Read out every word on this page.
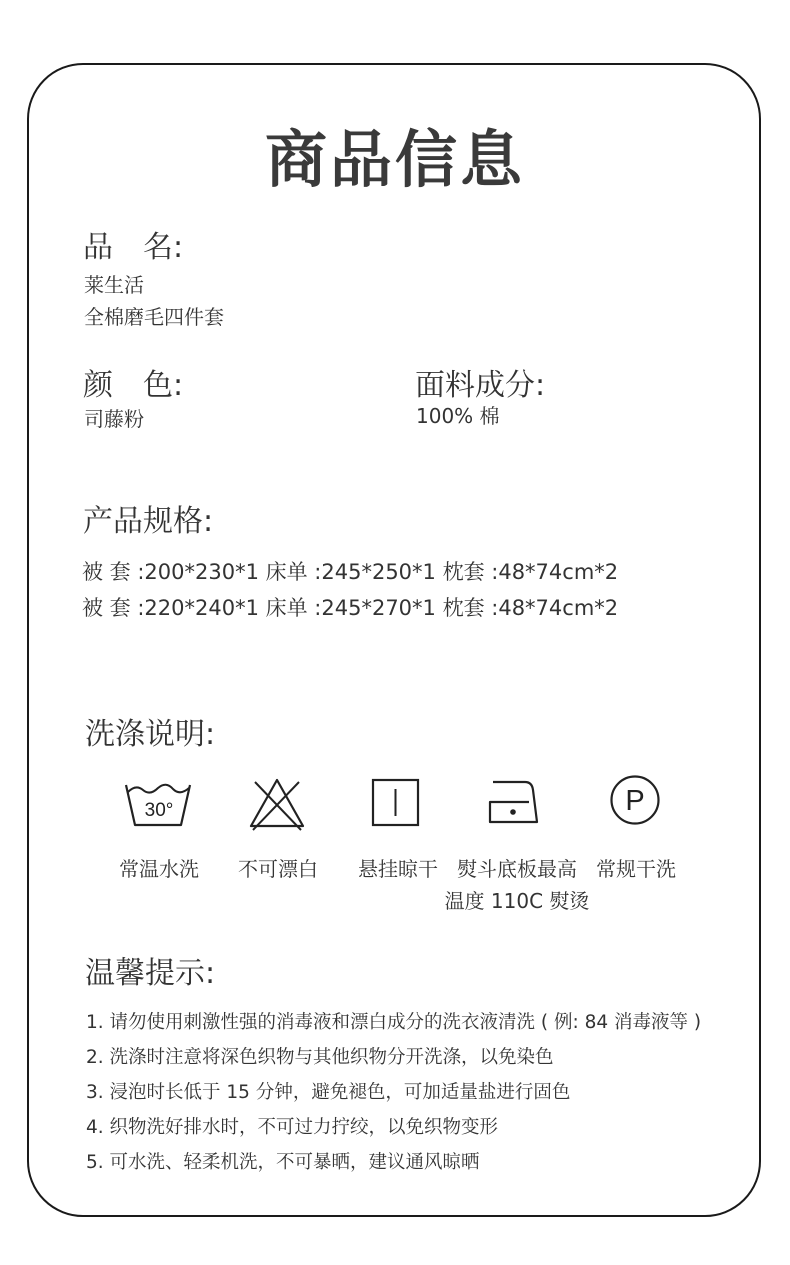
商品信息
品　名:
莱生活
全棉磨毛四件套
颜　色:
司藤粉
面料成分:
100% 棉
产品规格:
被 套 :200*230*1 床单 :245*250*1 枕套 :48*74cm*2
被 套 :220*240*1 床单 :245*270*1 枕套 :48*74cm*2
洗涤说明:
30°	P
常温水洗	不可漂白	悬挂晾干 熨斗底板最高
温度 110C 熨烫
常规干洗
温馨提示:
1. 请勿使用刺激性强的消毒液和漂白成分的洗衣液清洗 ( 例: 84 消毒液等 )
2. 洗涤时注意将深色织物与其他织物分开洗涤，以免染色
3. 浸泡时长低于 15 分钟，避免褪色，可加适量盐进行固色
4. 织物洗好排水时，不可过力拧绞，以免织物变形
5. 可水洗、轻柔机洗，不可暴晒，建议通风晾晒
